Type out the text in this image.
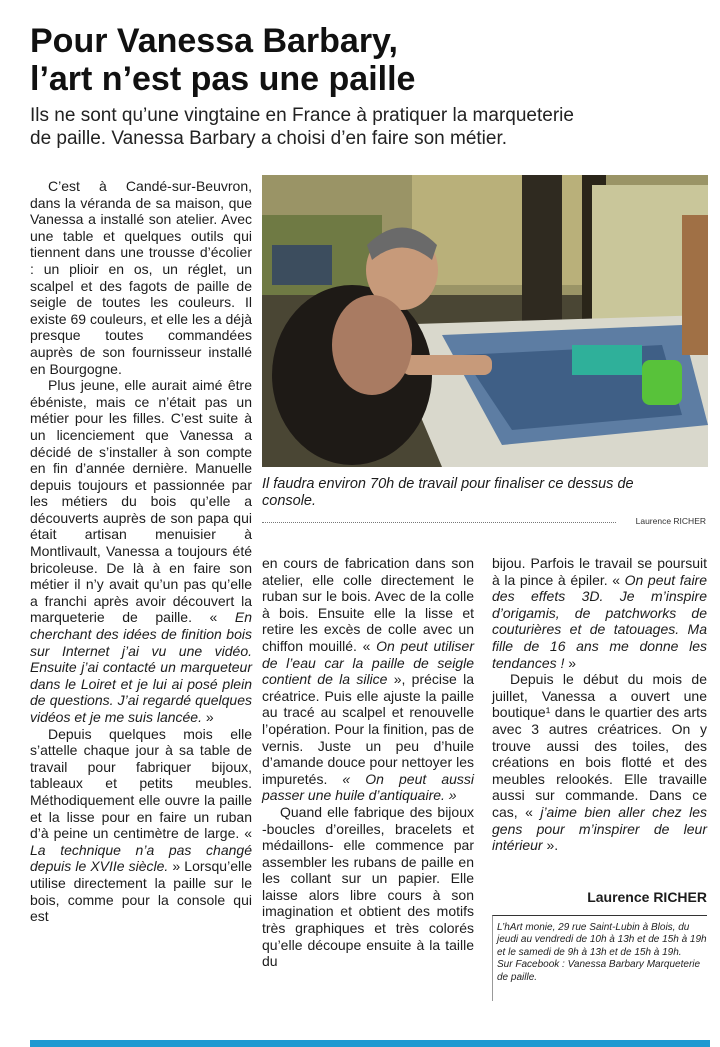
Pour Vanessa Barbary,
l’art n’est pas une paille

Ils ne sont qu’une vingtaine en France à pratiquer la marqueterie
de paille. Vanessa Barbary a choisi d’en faire son métier.

C’est à Candé-sur-Beuvron, dans la véranda de sa maison, que Vanessa a installé son atelier. Avec une table et quelques outils qui tiennent dans une trousse d’écolier : un plioir en os, un réglet, un scalpel et des fagots de paille de seigle de toutes les couleurs. Il existe 69 couleurs, et elle les a déjà presque toutes commandées auprès de son fournisseur installé en Bourgogne.

Plus jeune, elle aurait aimé être ébéniste, mais ce n’était pas un métier pour les filles. C’est suite à un licenciement que Vanessa a décidé de s’installer à son compte en fin d’année dernière. Manuelle depuis toujours et passionnée par les métiers du bois qu’elle a découverts auprès de son papa qui était artisan menuisier à Montlivault, Vanessa a toujours été bricoleuse. De là à en faire son métier il n’y avait qu’un pas qu’elle a franchi après avoir découvert la marqueterie de paille. « En cherchant des idées de finition bois sur Internet j’ai vu une vidéo. Ensuite j’ai contacté un marqueteur dans le Loiret et je lui ai posé plein de questions. J’ai regardé quelques vidéos et je me suis lancée. »

Depuis quelques mois elle s’attelle chaque jour à sa table de travail pour fabriquer bijoux, tableaux et petits meubles. Méthodiquement elle ouvre la paille et la lisse pour en faire un ruban d’à peine un centimètre de large. « La technique n’a pas changé depuis le XVIIe siècle. » Lorsqu’elle utilise directement la paille sur le bois, comme pour la console qui est

Il faudra environ 70h de travail pour finaliser ce dessus de
console.

Laurence RICHER

en cours de fabrication dans son atelier, elle colle directement le ruban sur le bois. Avec de la colle à bois. Ensuite elle la lisse et retire les excès de colle avec un chiffon mouillé. « On peut utiliser de l’eau car la paille de seigle contient de la silice », précise la créatrice. Puis elle ajuste la paille au tracé au scalpel et renouvelle l’opération. Pour la finition, pas de vernis. Juste un peu d’huile d’amande douce pour nettoyer les impuretés. « On peut aussi passer une huile d’antiquaire. »

Quand elle fabrique des bijoux -boucles d’oreilles, bracelets et médaillons- elle commence par assembler les rubans de paille en les collant sur un papier. Elle laisse alors libre cours à son imagination et obtient des motifs très graphiques et très colorés qu’elle découpe ensuite à la taille du

bijou. Parfois le travail se poursuit à la pince à épiler. « On peut faire des effets 3D. Je m’inspire d’origamis, de patchworks de couturières et de tatouages. Ma fille de 16 ans me donne les tendances ! »

Depuis le début du mois de juillet, Vanessa a ouvert une boutique¹ dans le quartier des arts avec 3 autres créatrices. On y trouve aussi des toiles, des créations en bois flotté et des meubles relookés. Elle travaille aussi sur commande. Dans ce cas, « j’aime bien aller chez les gens pour m’inspirer de leur intérieur ».

Laurence RICHER

L’hArt monie, 29 rue Saint-Lubin à Blois, du jeudi au vendredi de 10h à 13h et de 15h à 19h et le samedi de 9h à 13h et de 15h à 19h.

Sur Facebook : Vanessa Barbary Marqueterie de paille.
